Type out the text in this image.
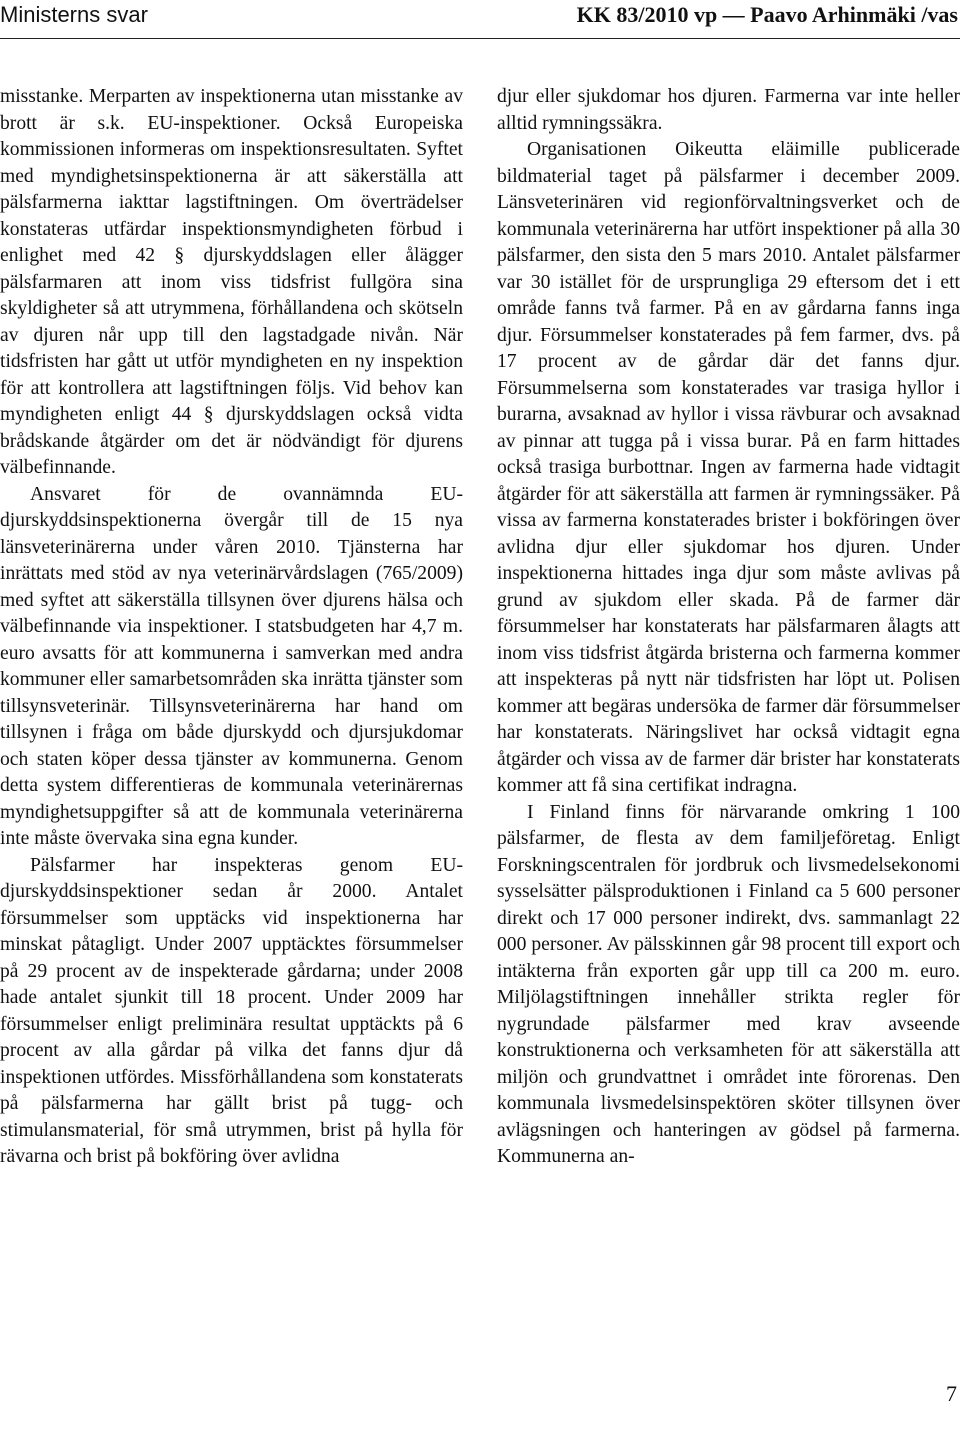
Ministerns svar	KK 83/2010 vp — Paavo Arhinmäki /vas

misstanke. Merparten av inspektionerna utan misstanke av brott är s.k. EU-inspektioner. Också Europeiska kommissionen informeras om inspektionsresultaten. Syftet med myndighetsinspektionerna är att säkerställa att pälsfarmerna iakttar lagstiftningen. Om överträdelser konstateras utfärdar inspektionsmyndigheten förbud i enlighet med 42 § djurskyddslagen eller ålägger pälsfarmaren att inom viss tidsfrist fullgöra sina skyldigheter så att utrymmena, förhållandena och skötseln av djuren når upp till den lagstadgade nivån. När tidsfristen har gått ut utför myndigheten en ny inspektion för att kontrollera att lagstiftningen följs. Vid behov kan myndigheten enligt 44 § djurskyddslagen också vidta brådskande åtgärder om det är nödvändigt för djurens välbefinnande.

Ansvaret för de ovannämnda EU-djurskyddsinspektionerna övergår till de 15 nya länsveterinärerna under våren 2010. Tjänsterna har inrättats med stöd av nya veterinärvårdslagen (765/2009) med syftet att säkerställa tillsynen över djurens hälsa och välbefinnande via inspektioner. I statsbudgeten har 4,7 m. euro avsatts för att kommunerna i samverkan med andra kommuner eller samarbetsområden ska inrätta tjänster som tillsynsveterinär. Tillsynsveterinärerna har hand om tillsynen i fråga om både djurskydd och djursjukdomar och staten köper dessa tjänster av kommunerna. Genom detta system differentieras de kommunala veterinärernas myndighetsuppgifter så att de kommunala veterinärerna inte måste övervaka sina egna kunder.

Pälsfarmer har inspekteras genom EU-djurskyddsinspektioner sedan år 2000. Antalet försummelser som upptäcks vid inspektionerna har minskat påtagligt. Under 2007 upptäcktes försummelser på 29 procent av de inspekterade gårdarna; under 2008 hade antalet sjunkit till 18 procent. Under 2009 har försummelser enligt preliminära resultat upptäckts på 6 procent av alla gårdar på vilka det fanns djur då inspektionen utfördes. Missförhållandena som konstaterats på pälsfarmerna har gällt brist på tugg- och stimulansmaterial, för små utrymmen, brist på hylla för rävarna och brist på bokföring över avlidna

djur eller sjukdomar hos djuren. Farmerna var inte heller alltid rymningssäkra.

Organisationen Oikeutta eläimille publicerade bildmaterial taget på pälsfarmer i december 2009. Länsveterinären vid regionförvaltningsverket och de kommunala veterinärerna har utfört inspektioner på alla 30 pälsfarmer, den sista den 5 mars 2010. Antalet pälsfarmer var 30 istället för de ursprungliga 29 eftersom det i ett område fanns två farmer. På en av gårdarna fanns inga djur. Försummelser konstaterades på fem farmer, dvs. på 17 procent av de gårdar där det fanns djur. Försummelserna som konstaterades var trasiga hyllor i burarna, avsaknad av hyllor i vissa rävburar och avsaknad av pinnar att tugga på i vissa burar. På en farm hittades också trasiga burbottnar. Ingen av farmerna hade vidtagit åtgärder för att säkerställa att farmen är rymningssäker. På vissa av farmerna konstaterades brister i bokföringen över avlidna djur eller sjukdomar hos djuren. Under inspektionerna hittades inga djur som måste avlivas på grund av sjukdom eller skada. På de farmer där försummelser har konstaterats har pälsfarmaren ålagts att inom viss tidsfrist åtgärda bristerna och farmerna kommer att inspekteras på nytt när tidsfristen har löpt ut. Polisen kommer att begäras undersöka de farmer där försummelser har konstaterats. Näringslivet har också vidtagit egna åtgärder och vissa av de farmer där brister har konstaterats kommer att få sina certifikat indragna.

I Finland finns för närvarande omkring 1 100 pälsfarmer, de flesta av dem familjeföretag. Enligt Forskningscentralen för jordbruk och livsmedelsekonomi sysselsätter pälsproduktionen i Finland ca 5 600 personer direkt och 17 000 personer indirekt, dvs. sammanlagt 22 000 personer. Av pälsskinnen går 98 procent till export och intäkterna från exporten går upp till ca 200 m. euro. Miljölagstiftningen innehåller strikta regler för nygrundade pälsfarmer med krav avseende konstruktionerna och verksamheten för att säkerställa att miljön och grundvattnet i området inte förorenas. Den kommunala livsmedelsinspektören sköter tillsynen över avlägsningen och hanteringen av gödsel på farmerna. Kommunerna an-

7
